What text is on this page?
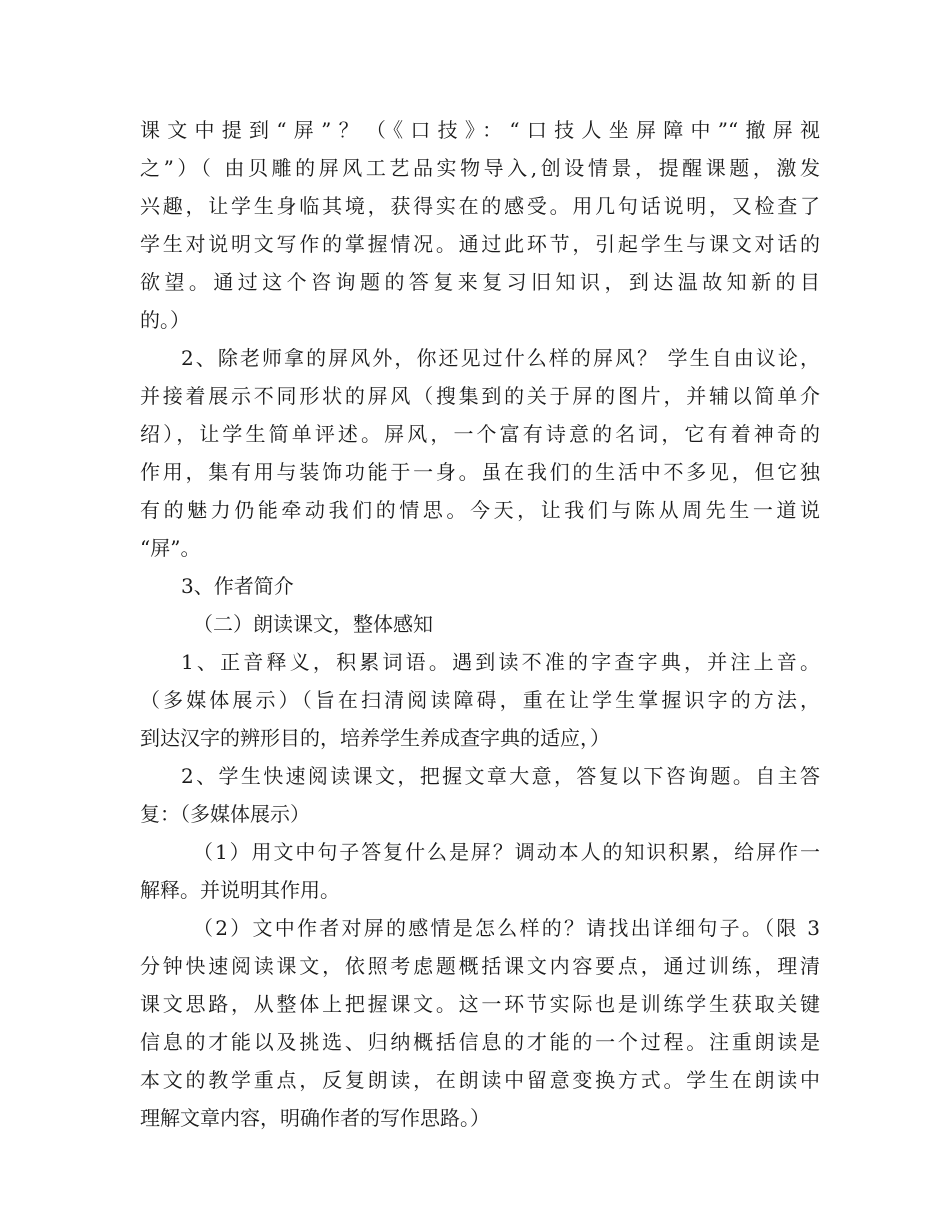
课文中提到“屏”？（《口技》：“口技人坐屏障中”“撤屏视
之”）（ 由贝雕的屏风工艺品实物导入,创设情景，提醒课题，激发
兴趣，让学生身临其境，获得实在的感受。用几句话说明，又检查了
学生对说明文写作的掌握情况。通过此环节，引起学生与课文对话的
欲望。通过这个咨询题的答复来复习旧知识，到达温故知新的目
的。）
2、除老师拿的屏风外，你还见过什么样的屏风？ 学生自由议论，
并接着展示不同形状的屏风（搜集到的关于屏的图片，并辅以简单介
绍），让学生简单评述。屏风，一个富有诗意的名词，它有着神奇的
作用，集有用与装饰功能于一身。虽在我们的生活中不多见，但它独
有的魅力仍能牵动我们的情思。今天，让我们与陈从周先生一道说
“屏”。
3、作者简介
（二）朗读课文，整体感知
1、正音释义，积累词语。遇到读不准的字查字典，并注上音。
（多媒体展示）（旨在扫清阅读障碍，重在让学生掌握识字的方法，
到达汉字的辨形目的，培养学生养成查字典的适应，）
2、学生快速阅读课文，把握文章大意，答复以下咨询题。自主答
复：（多媒体展示）
（1）用文中句子答复什么是屏？调动本人的知识积累，给屏作一
解释。并说明其作用。
（2）文中作者对屏的感情是怎么样的？请找出详细句子。（限 3
分钟快速阅读课文，依照考虑题概括课文内容要点，通过训练，理清
课文思路，从整体上把握课文。这一环节实际也是训练学生获取关键
信息的才能以及挑选、归纳概括信息的才能的一个过程。注重朗读是
本文的教学重点，反复朗读，在朗读中留意变换方式。学生在朗读中
理解文章内容，明确作者的写作思路。）
